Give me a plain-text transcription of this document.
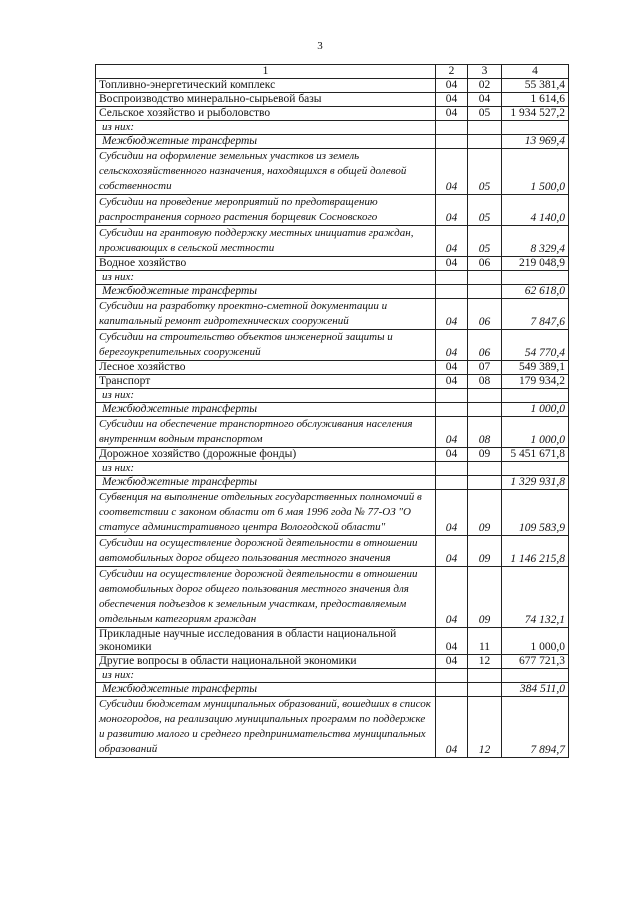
3
1	2	3	4
Топливно-энергетический комплекс	04	02	55 381,4
Воспроизводство минерально-сырьевой базы	04	04	1 614,6
Сельское хозяйство и рыболовство	04	05	1 934 527,2
из них:			
Межбюджетные трансферты			13 969,4
Субсидии на оформление земельных участков из земель сельскохозяйственного назначения, находящихся в общей долевой собственности	04	05	1 500,0
Субсидии на проведение мероприятий по предотвращению распространения сорного растения борщевик Сосновского	04	05	4 140,0
Субсидии на грантовую поддержку местных инициатив граждан, проживающих в сельской местности	04	05	8 329,4
Водное хозяйство	04	06	219 048,9
из них:			
Межбюджетные трансферты			62 618,0
Субсидии на разработку проектно-сметной документации и капитальный ремонт гидротехнических сооружений	04	06	7 847,6
Субсидии на строительство объектов инженерной защиты и берегоукрепительных сооружений	04	06	54 770,4
Лесное хозяйство	04	07	549 389,1
Транспорт	04	08	179 934,2
из них:			
Межбюджетные трансферты			1 000,0
Субсидии на обеспечение транспортного обслуживания населения внутренним водным транспортом	04	08	1 000,0
Дорожное хозяйство (дорожные фонды)	04	09	5 451 671,8
из них:			
Межбюджетные трансферты			1 329 931,8
Субвенция на выполнение отдельных государственных полномочий в соответствии с законом области от 6 мая 1996 года № 77-ОЗ "О статусе административного центра Вологодской области"	04	09	109 583,9
Субсидии на осуществление дорожной деятельности в отношении автомобильных дорог общего пользования местного значения	04	09	1 146 215,8
Субсидии на осуществление дорожной деятельности в отношении автомобильных дорог общего пользования местного значения для обеспечения подъездов к земельным участкам, предоставляемым отдельным категориям граждан	04	09	74 132,1
Прикладные научные исследования в области национальной экономики	04	11	1 000,0
Другие вопросы в области национальной экономики	04	12	677 721,3
из них:			
Межбюджетные трансферты			384 511,0
Субсидии бюджетам муниципальных образований, вошедших в список моногородов, на реализацию муниципальных программ по поддержке и развитию малого и среднего предпринимательства муниципальных образований	04	12	7 894,7
